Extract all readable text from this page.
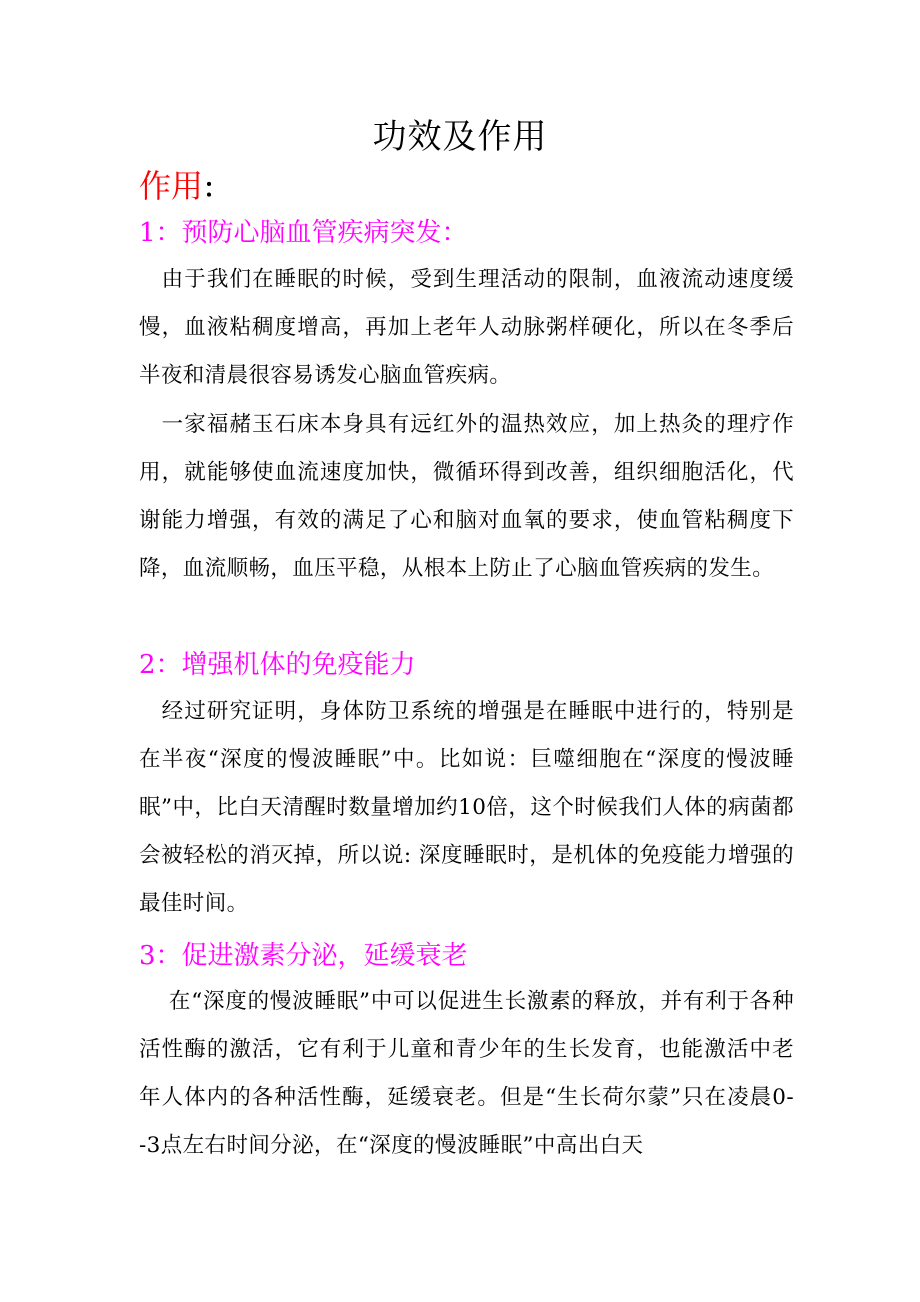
功效及作用
作用：
1：预防心脑血管疾病突发：
　由于我们在睡眠的时候，受到生理活动的限制，血液流动速度缓慢，血液粘稠度增高，再加上老年人动脉粥样硬化，所以在冬季后半夜和清晨很容易诱发心脑血管疾病。
　一家福赭玉石床本身具有远红外的温热效应，加上热灸的理疗作用，就能够使血流速度加快，微循环得到改善，组织细胞活化，代谢能力增强，有效的满足了心和脑对血氧的要求，使血管粘稠度下降，血流顺畅，血压平稳，从根本上防止了心脑血管疾病的发生。
2：增强机体的免疫能力
　经过研究证明，身体防卫系统的增强是在睡眠中进行的，特别是在半夜“深度的慢波睡眠”中。比如说：巨噬细胞在“深度的慢波睡眠”中，比白天清醒时数量增加约10倍，这个时候我们人体的病菌都会被轻松的消灭掉，所以说: 深度睡眠时，是机体的免疫能力增强的最佳时间。
3：促进激素分泌，延缓衰老
　 在“深度的慢波睡眠”中可以促进生长激素的释放，并有利于各种活性酶的激活，它有利于儿童和青少年的生长发育，也能激活中老年人体内的各种活性酶，延缓衰老。但是“生长荷尔蒙”只在凌晨0--3点左右时间分泌，在“深度的慢波睡眠”中高出白天
